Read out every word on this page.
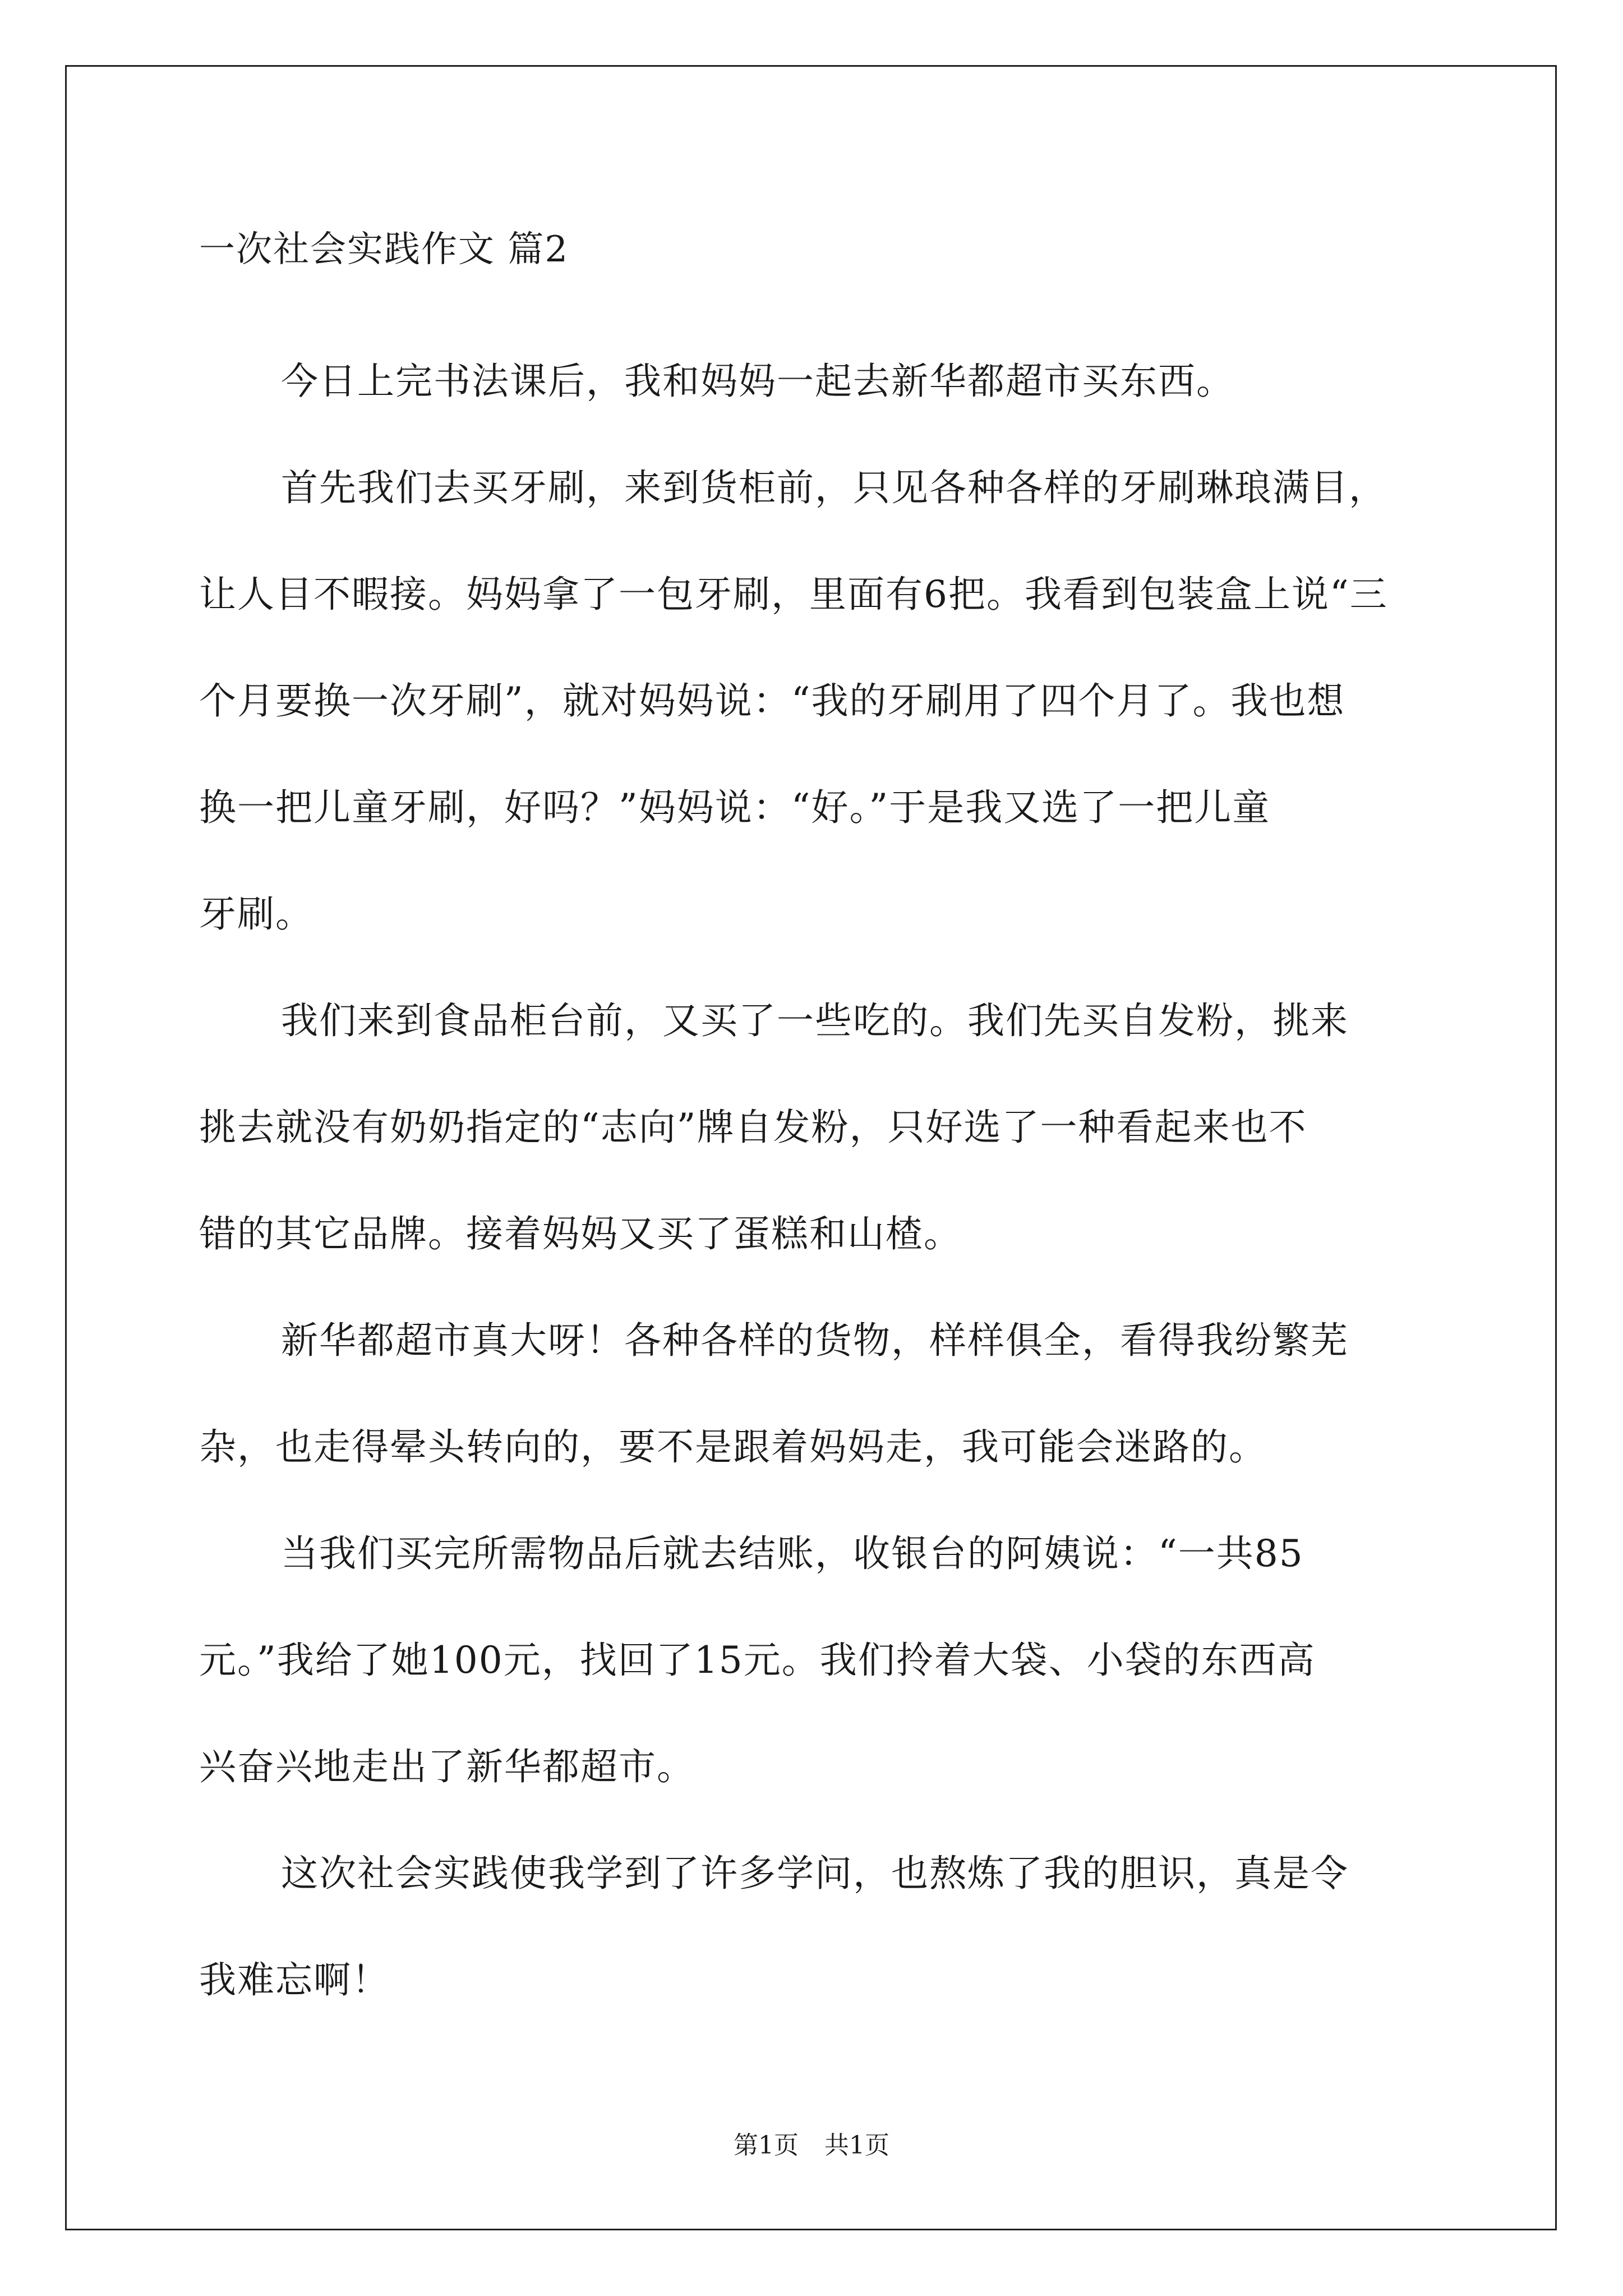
一次社会实践作文 篇2

今日上完书法课后，我和妈妈一起去新华都超市买东西。

首先我们去买牙刷，来到货柜前，只见各种各样的牙刷琳琅满目，
让人目不暇接。妈妈拿了一包牙刷，里面有6把。我看到包装盒上说“三
个月要换一次牙刷”，就对妈妈说：“我的牙刷用了四个月了。我也想
换一把儿童牙刷，好吗？”妈妈说：“好。”于是我又选了一把儿童
牙刷。

我们来到食品柜台前，又买了一些吃的。我们先买自发粉，挑来
挑去就没有奶奶指定的“志向”牌自发粉，只好选了一种看起来也不
错的其它品牌。接着妈妈又买了蛋糕和山楂。

新华都超市真大呀！各种各样的货物，样样俱全，看得我纷繁芜
杂，也走得晕头转向的，要不是跟着妈妈走，我可能会迷路的。

当我们买完所需物品后就去结账，收银台的阿姨说：“一共85
元。”我给了她100元，找回了15元。我们拎着大袋、小袋的东西高
兴奋兴地走出了新华都超市。

这次社会实践使我学到了许多学问，也熬炼了我的胆识，真是令
我难忘啊！

第1页 共1页
